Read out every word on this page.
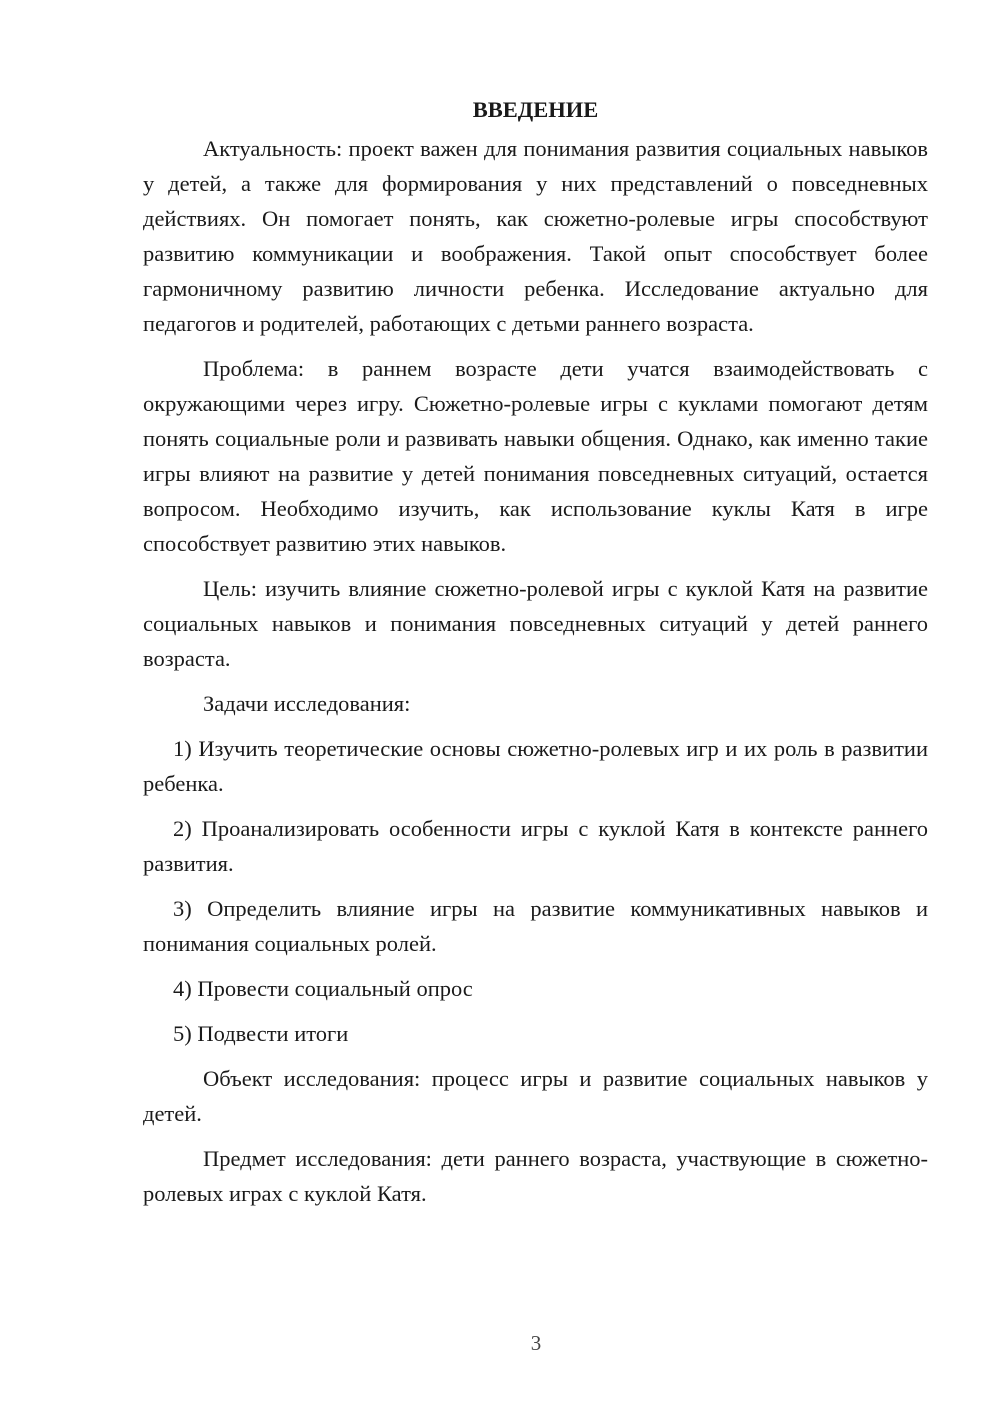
ВВЕДЕНИЕ

Актуальность: проект важен для понимания развития социальных навыков у детей, а также для формирования у них представлений о повседневных действиях. Он помогает понять, как сюжетно-ролевые игры способствуют развитию коммуникации и воображения. Такой опыт способствует более гармоничному развитию личности ребенка. Исследование актуально для педагогов и родителей, работающих с детьми раннего возраста.

Проблема: в раннем возрасте дети учатся взаимодействовать с окружающими через игру. Сюжетно-ролевые игры с куклами помогают детям понять социальные роли и развивать навыки общения. Однако, как именно такие игры влияют на развитие у детей понимания повседневных ситуаций, остается вопросом. Необходимо изучить, как использование куклы Катя в игре способствует развитию этих навыков.

Цель: изучить влияние сюжетно-ролевой игры с куклой Катя на развитие социальных навыков и понимания повседневных ситуаций у детей раннего возраста.

Задачи исследования:

1) Изучить теоретические основы сюжетно-ролевых игр и их роль в развитии ребенка.

2) Проанализировать особенности игры с куклой Катя в контексте раннего развития.

3) Определить влияние игры на развитие коммуникативных навыков и понимания социальных ролей.

4) Провести социальный опрос

5) Подвести итоги

Объект исследования: процесс игры и развитие социальных навыков у детей.

Предмет исследования: дети раннего возраста, участвующие в сюжетно-ролевых играх с куклой Катя.

3
